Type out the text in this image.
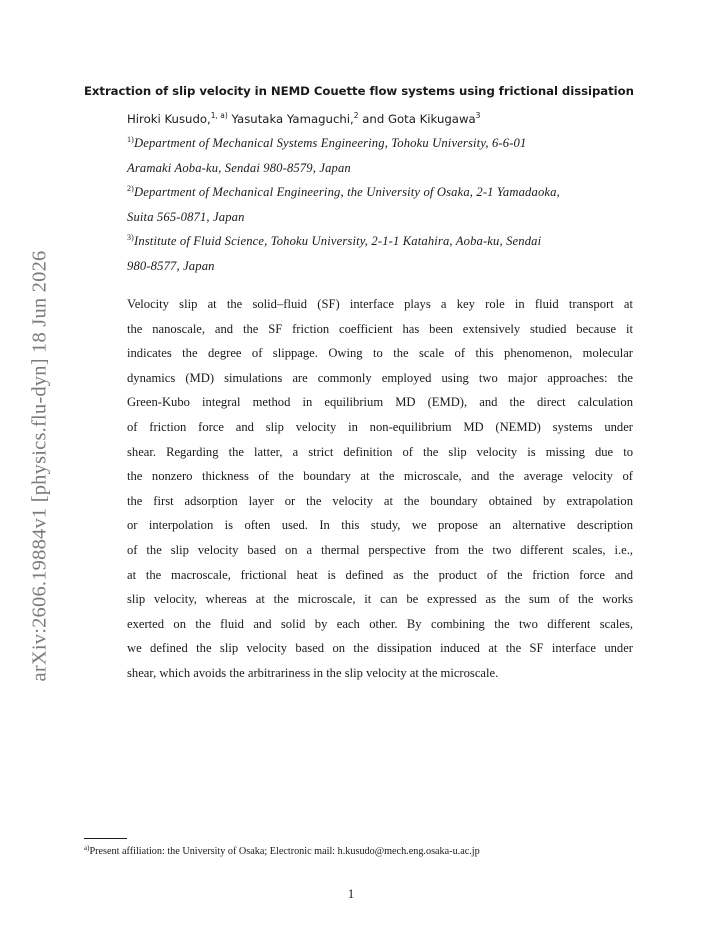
arXiv:2606.19884v1 [physics.flu-dyn] 18 Jun 2026
Extraction of slip velocity in NEMD Couette flow systems using frictional dissipation
Hiroki Kusudo,$^{1, a)}$ Yasutaka Yamaguchi,$^2$ and Gota Kikugawa$^3$
$^{1)}$Department of Mechanical Systems Engineering, Tohoku University, 6-6-01
Aramaki Aoba-ku, Sendai 980-8579, Japan
$^{2)}$Department of Mechanical Engineering, the University of Osaka, 2-1 Yamadaoka,
Suita 565-0871, Japan
$^{3)}$Institute of Fluid Science, Tohoku University, 2-1-1 Katahira, Aoba-ku, Sendai
980-8577, Japan
Velocity slip at the solid–fluid (SF) interface plays a key role in fluid transport at
the nanoscale, and the SF friction coefficient has been extensively studied because it
indicates the degree of slippage. Owing to the scale of this phenomenon, molecular
dynamics (MD) simulations are commonly employed using two major approaches: the
Green-Kubo integral method in equilibrium MD (EMD), and the direct calculation
of friction force and slip velocity in non-equilibrium MD (NEMD) systems under
shear. Regarding the latter, a strict definition of the slip velocity is missing due to
the nonzero thickness of the boundary at the microscale, and the average velocity of
the first adsorption layer or the velocity at the boundary obtained by extrapolation
or interpolation is often used. In this study, we propose an alternative description
of the slip velocity based on a thermal perspective from the two different scales, i.e.,
at the macroscale, frictional heat is defined as the product of the friction force and
slip velocity, whereas at the microscale, it can be expressed as the sum of the works
exerted on the fluid and solid by each other. By combining the two different scales,
we defined the slip velocity based on the dissipation induced at the SF interface under
shear, which avoids the arbitrariness in the slip velocity at the microscale.
$^{a)}$Present affiliation: the University of Osaka; Electronic mail: h.kusudo@mech.eng.osaka-u.ac.jp
1
